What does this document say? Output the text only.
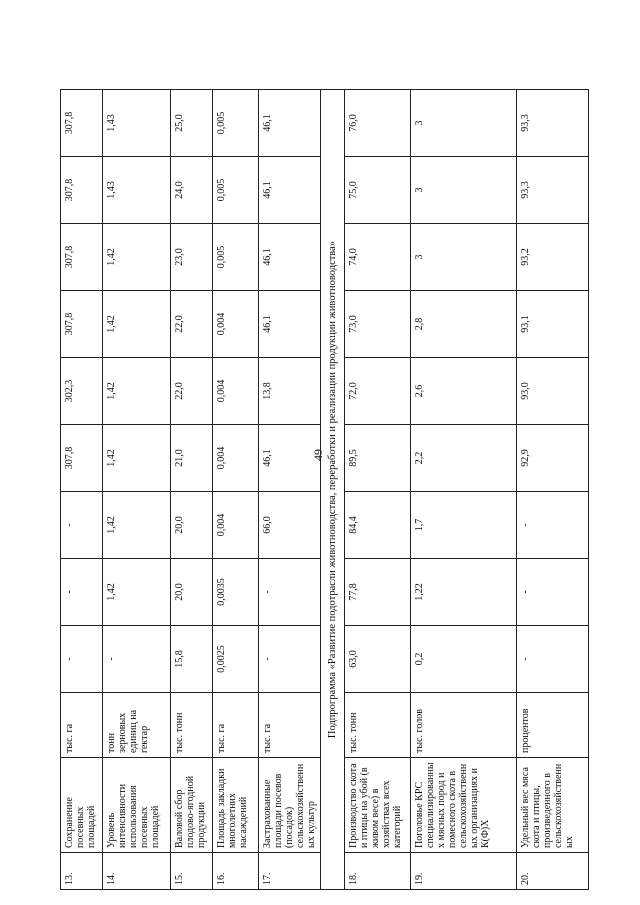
49
13.	Сохранение посевных площадей	тыс. га	-	-	-	307,8	302,3	307,8	307,8	307,8	307,8
14.	Уровень интенсивности использования посевных площадей	тонн зерновых единиц на гектар	-	1,42	1,42	1,42	1,42	1,42	1,42	1,43	1,43
15.	Валовой сбор плодово-ягодной продукции	тыс. тонн	15,8	20,0	20,0	21,0	22,0	22,0	23,0	24,0	25,0
16.	Площадь закладки многолетних насаждений	тыс. га	0,0025	0,0035	0,004	0,004	0,004	0,004	0,005	0,005	0,005
17.	Застрахованные площади посевов (посадок) сельскохозяйственных культур	тыс. га	-	-	66,0	46,1	13,8	46,1	46,1	46,1	46,1
Подпрограмма «Развитие подотрасли животноводства, переработки и реализации продукции животноводства»											
18.	Производство скота и птицы на убой (в живом весе) в хозяйствах всех категорий	тыс. тонн	63,0	77,8	84,4	89,5	72,0	73,0	74,0	75,0	76,0
19.	Поголовье КРС специализированных мясных пород и помесного скота в сельскохозяйственных организациях и К(Ф)Х	тыс. голов	0,2	1,22	1,7	2,2	2,6	2,8	3	3	3
20.	Удельный вес мяса скота и птицы, произведенного в сельскохозяйственных	процентов	-	-	-	92,9	93,0	93,1	93,2	93,3	93,3
